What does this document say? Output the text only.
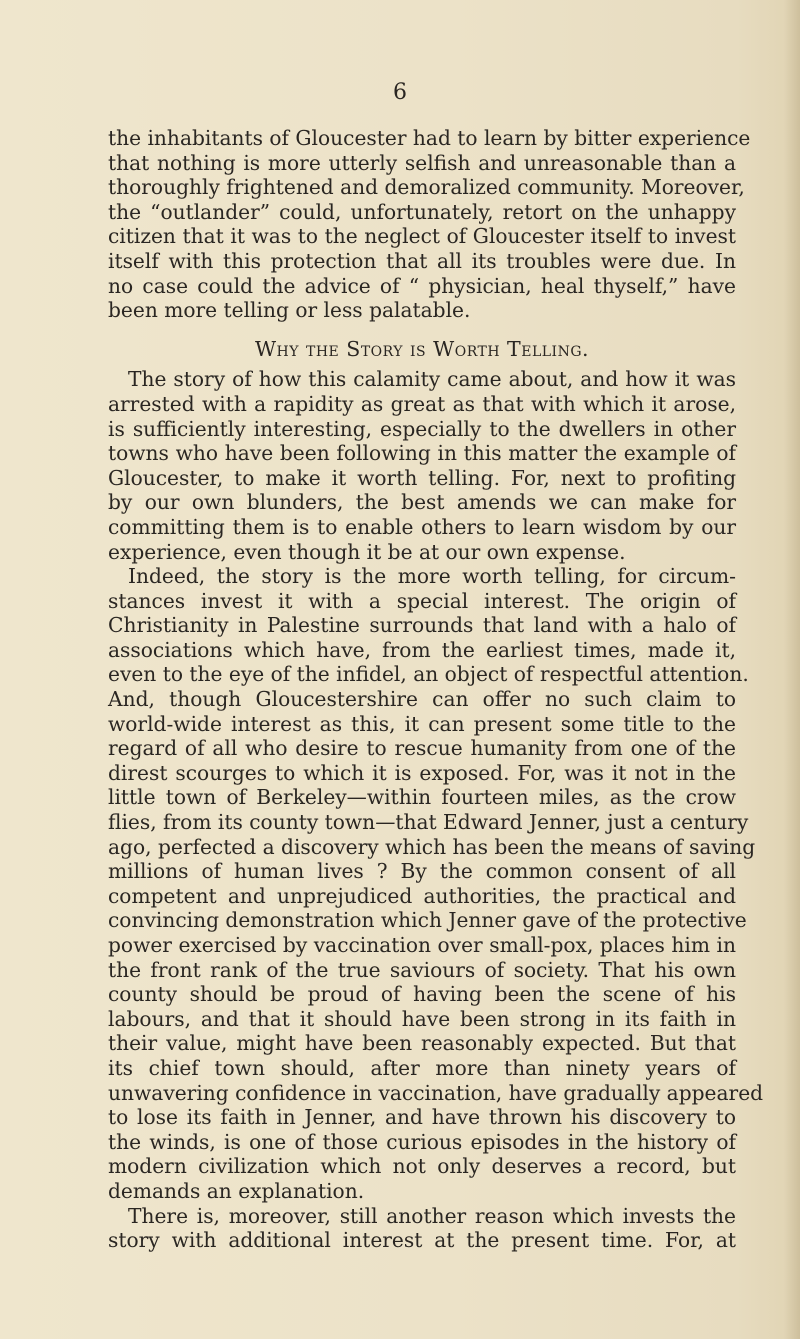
6
the inhabitants of Gloucester had to learn by bitter experience
that nothing is more utterly selfish and unreasonable than a
thoroughly frightened and demoralized community. Moreover,
the “outlander” could, unfortunately, retort on the unhappy
citizen that it was to the neglect of Gloucester itself to invest
itself with this protection that all its troubles were due. In
no case could the advice of “ physician, heal thyself,” have
been more telling or less palatable.
Why the Story is Worth Telling.
The story of how this calamity came about, and how it was
arrested with a rapidity as great as that with which it arose,
is sufficiently interesting, especially to the dwellers in other
towns who have been following in this matter the example of
Gloucester, to make it worth telling. For, next to profiting
by our own blunders, the best amends we can make for
committing them is to enable others to learn wisdom by our
experience, even though it be at our own expense.
Indeed, the story is the more worth telling, for circum-
stances invest it with a special interest. The origin of
Christianity in Palestine surrounds that land with a halo of
associations which have, from the earliest times, made it,
even to the eye of the infidel, an object of respectful attention.
And, though Gloucestershire can offer no such claim to
world-wide interest as this, it can present some title to the
regard of all who desire to rescue humanity from one of the
direst scourges to which it is exposed. For, was it not in the
little town of Berkeley—within fourteen miles, as the crow
flies, from its county town—that Edward Jenner, just a century
ago, perfected a discovery which has been the means of saving
millions of human lives ? By the common consent of all
competent and unprejudiced authorities, the practical and
convincing demonstration which Jenner gave of the protective
power exercised by vaccination over small-pox, places him in
the front rank of the true saviours of society. That his own
county should be proud of having been the scene of his
labours, and that it should have been strong in its faith in
their value, might have been reasonably expected. But that
its chief town should, after more than ninety years of
unwavering confidence in vaccination, have gradually appeared
to lose its faith in Jenner, and have thrown his discovery to
the winds, is one of those curious episodes in the history of
modern civilization which not only deserves a record, but
demands an explanation.
There is, moreover, still another reason which invests the
story with additional interest at the present time. For, at
